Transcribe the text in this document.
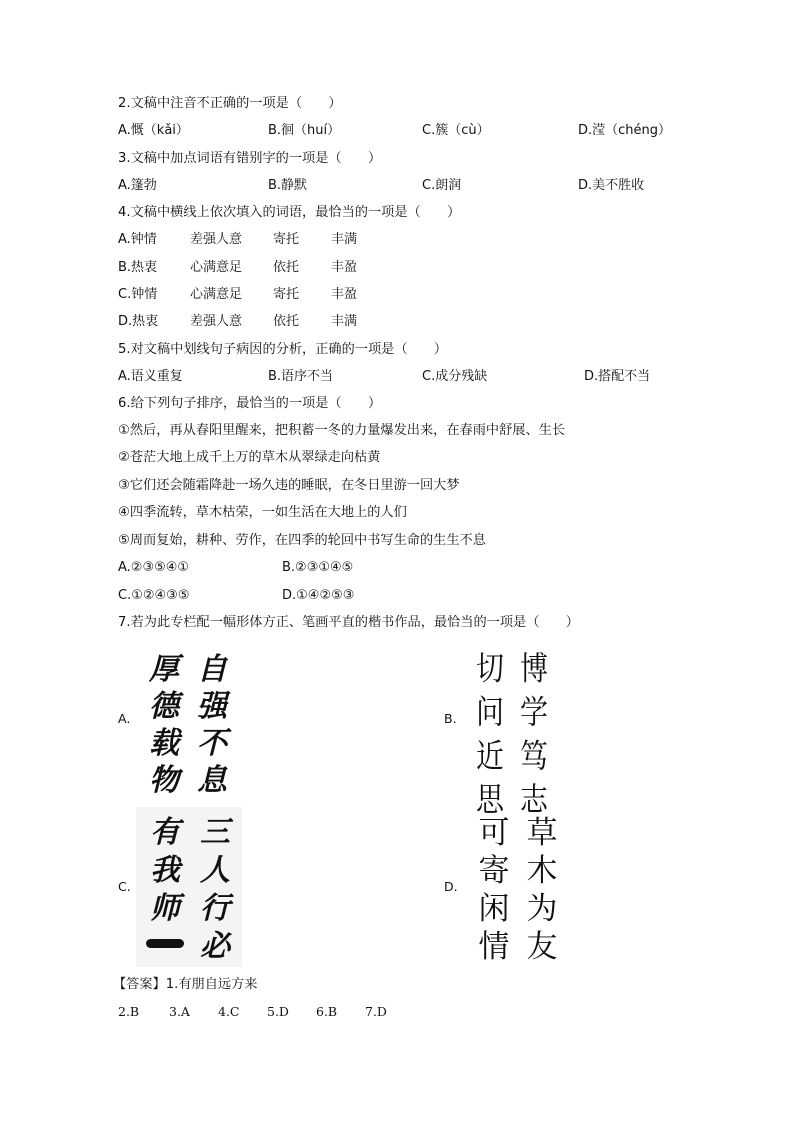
2.文稿中注音不正确的一项是（　　）
A.慨（kǎi）	B.徊（huí）	C.簇（cù）	D.滢（chéng）
3.文稿中加点词语有错别字的一项是（　　）
A.篷勃	B.静默	C.朗润	D.美不胜收
4.文稿中横线上依次填入的词语，最恰当的一项是（　　）
A.钟情	差强人意 寄托 丰满
B.热衷	心满意足 依托 丰盈
C.钟情	心满意足 寄托 丰盈
D.热衷 差强人意 依托 丰满
5.对文稿中划线句子病因的分析，正确的一项是（　　）
A.语义重复	B.语序不当	C.成分残缺	D.搭配不当
6.给下列句子排序，最恰当的一项是（　　）
①然后，再从春阳里醒来，把积蓄一冬的力量爆发出来，在春雨中舒展、生长
②苍茫大地上成千上万的草木从翠绿走向枯黄
③它们还会随霜降赴一场久违的睡眠，在冬日里游一回大梦
④四季流转，草木枯荣，一如生活在大地上的人们
⑤周而复始，耕种、劳作，在四季的轮回中书写生命的生生不息
A.②③⑤④①	B.②③①④⑤
C.①②④③⑤	D.①④②⑤③
7.若为此专栏配一幅形体方正、笔画平直的楷书作品，最恰当的一项是（　　）
A.
厚
德
载
物
自
强
不
息
B.
切
问
近
思
博
学
笃
志
C.
有
我
师
三
人
行
必
D.
可
寄
闲
情
草
木
为
友
【答案】1.有朋自远方来
2.B 3.A 4.C 5.D 6.B 7.D
